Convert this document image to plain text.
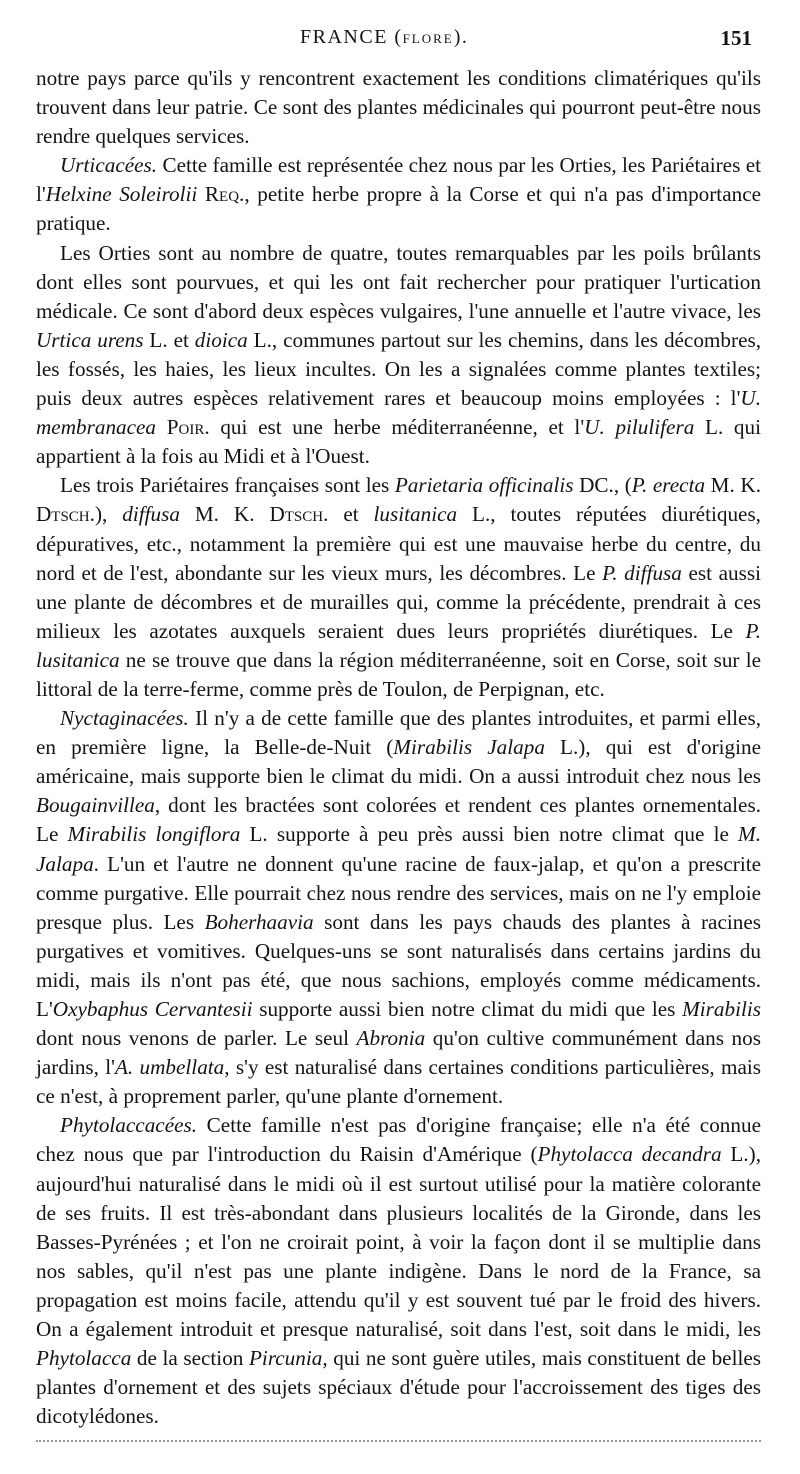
FRANCE (FLORE).	151

notre pays parce qu'ils y rencontrent exactement les conditions climatériques qu'ils trouvent dans leur patrie. Ce sont des plantes médicinales qui pourront peut-être nous rendre quelques services.

Urticacées. Cette famille est représentée chez nous par les Orties, les Pariétaires et l'Helxine Soleirolii Req., petite herbe propre à la Corse et qui n'a pas d'importance pratique.

Les Orties sont au nombre de quatre, toutes remarquables par les poils brûlants dont elles sont pourvues, et qui les ont fait rechercher pour pratiquer l'urtication médicale. Ce sont d'abord deux espèces vulgaires, l'une annuelle et l'autre vivace, les Urtica urens L. et dioica L., communes partout sur les chemins, dans les décombres, les fossés, les haies, les lieux incultes. On les a signalées comme plantes textiles; puis deux autres espèces relativement rares et beaucoup moins employées : l'U. membranacea Poir. qui est une herbe méditerranéenne, et l'U. pilulifera L. qui appartient à la fois au Midi et à l'Ouest.

Les trois Pariétaires françaises sont les Parietaria officinalis DC., (P. erecta M. K. Dtsch.), diffusa M. K. Dtsch. et lusitanica L., toutes réputées diurétiques, dépuratives, etc., notamment la première qui est une mauvaise herbe du centre, du nord et de l'est, abondante sur les vieux murs, les décombres. Le P. diffusa est aussi une plante de décombres et de murailles qui, comme la précédente, prendrait à ces milieux les azotates auxquels seraient dues leurs propriétés diurétiques. Le P. lusitanica ne se trouve que dans la région méditerranéenne, soit en Corse, soit sur le littoral de la terre-ferme, comme près de Toulon, de Perpignan, etc.

Nyctaginacées. Il n'y a de cette famille que des plantes introduites, et parmi elles, en première ligne, la Belle-de-Nuit (Mirabilis Jalapa L.), qui est d'origine américaine, mais supporte bien le climat du midi. On a aussi introduit chez nous les Bougainvillea, dont les bractées sont colorées et rendent ces plantes ornementales. Le Mirabilis longiflora L. supporte à peu près aussi bien notre climat que le M. Jalapa. L'un et l'autre ne donnent qu'une racine de faux-jalap, et qu'on a prescrite comme purgative. Elle pourrait chez nous rendre des services, mais on ne l'y emploie presque plus. Les Boherhaavia sont dans les pays chauds des plantes à racines purgatives et vomitives. Quelques-uns se sont naturalisés dans certains jardins du midi, mais ils n'ont pas été, que nous sachions, employés comme médicaments. L'Oxybaphus Cervantesii supporte aussi bien notre climat du midi que les Mirabilis dont nous venons de parler. Le seul Abronia qu'on cultive communément dans nos jardins, l'A. umbellata, s'y est naturalisé dans certaines conditions particulières, mais ce n'est, à proprement parler, qu'une plante d'ornement.

Phytolaccacées. Cette famille n'est pas d'origine française; elle n'a été connue chez nous que par l'introduction du Raisin d'Amérique (Phytolacca decandra L.), aujourd'hui naturalisé dans le midi où il est surtout utilisé pour la matière colorante de ses fruits. Il est très-abondant dans plusieurs localités de la Gironde, dans les Basses-Pyrénées ; et l'on ne croirait point, à voir la façon dont il se multiplie dans nos sables, qu'il n'est pas une plante indigène. Dans le nord de la France, sa propagation est moins facile, attendu qu'il y est souvent tué par le froid des hivers. On a également introduit et presque naturalisé, soit dans l'est, soit dans le midi, les Phytolacca de la section Pircunia, qui ne sont guère utiles, mais constituent de belles plantes d'ornement et des sujets spéciaux d'étude pour l'accroissement des tiges des dicotylédones.
